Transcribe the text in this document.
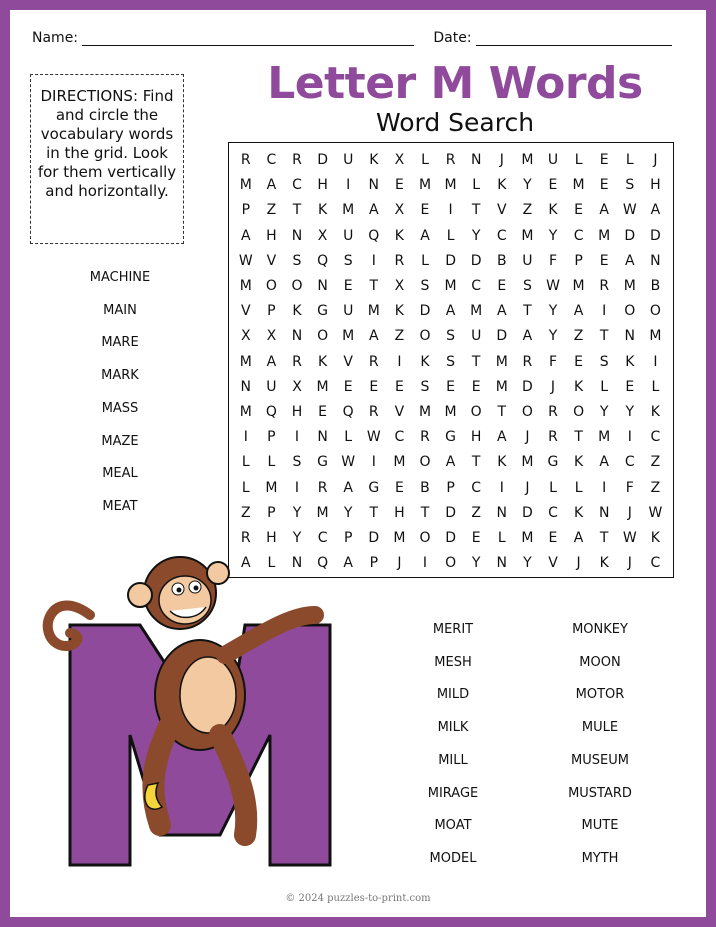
Name:	Date:
Letter M Words
Word Search
DIRECTIONS: Find and circle the vocabulary words in the grid. Look for them vertically and horizontally.
R	C	R	D	U	K	X	L	R	N	J	M	U	L	E	L	J
M	A	C	H	I	N	E	M M	L	K	Y	E	M	E	S	H
P	Z	T	K	M	A	X	E	I	T	V	Z	K	E	A W A
A	H	N	X	U	Q	K	A	L	Y	C	M	Y	C	M	D	D
W V	S	Q	S	I	R	L	D	D	B	U	F	P	E	A	N
M	O	O	N	E	T	X	S	M	C	E	S	W M	R	M	B
V	P	K	G	U	M	K	D	A	M	A	T	Y	A	I	O	O
X	X	N	O	M	A	Z	O	S	U	D	A	Y	Z	T	N	M
M	A	R	K	V	R	I	K	S	T	M	R	F	E	S	K	I
N	U	X	M	E	E	E	S	E	E	M	D	J	K	L	E	L
M	Q	H	E	Q	R	V	M M	O	T	O	R	O	Y	Y	K
I	P	I	N	L	W C	R	G	H	A	J	R	T	M	I	C
L	L	S	G W	I	M	O	A	T	K	M	G	K	A	C	Z
L	M	I	R	A	G	E	B	P	C	I	J	L	L	I	F	Z
Z	P	Y	M	Y	T	H	T	D	Z	N	D	C	K	N	J	W
R	H	Y	C	P	D	M	O	D	E	L	M	E	A	T	W	K
A	L	N	Q	A	P	J	I	O	Y	N	Y	V	J	K	J	C
MACHINE
MAIN
MARE
MARK
MASS
MAZE
MEAL
MEAT
MERIT
MESH
MILD
MILK
MILL
MIRAGE
MOAT
MODEL
MONKEY
MOON
MOTOR
MULE
MUSEUM
MUSTARD
MUTE
MYTH
© 2024 puzzles-to-print.com
